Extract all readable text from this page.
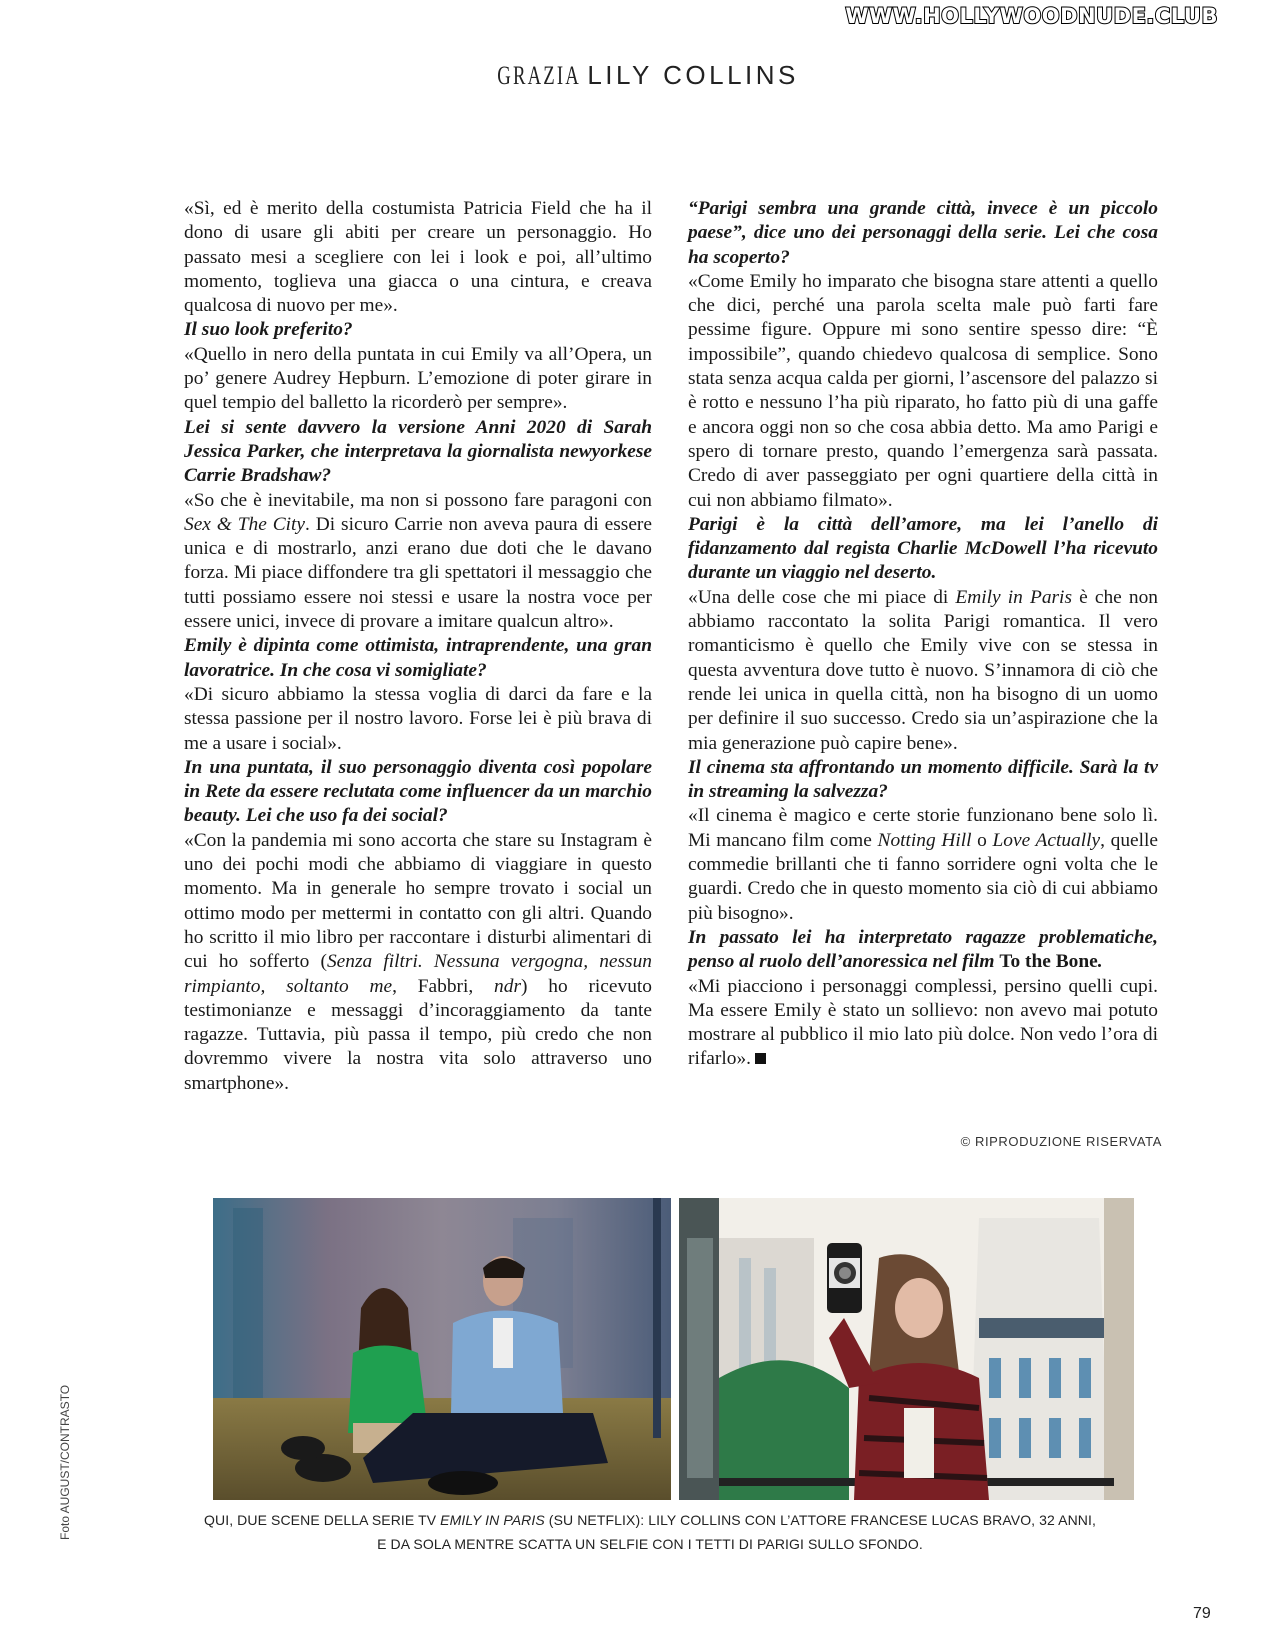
WWW.HOLLYWOODNUDE.CLUB
GRAZIA LILY COLLINS

«Sì, ed è merito della costumista Patricia Field che ha il dono di usare gli abiti per creare un personaggio. Ho passato mesi a scegliere con lei i look e poi, all’ultimo momento, toglieva una giacca o una cintura, e creava qualcosa di nuovo per me».

Il suo look preferito?

«Quello in nero della puntata in cui Emily va all’Opera, un po’ genere Audrey Hepburn. L’emozione di poter girare in quel tempio del balletto la ricorderò per sempre».

Lei si sente davvero la versione Anni 2020 di Sarah Jessica Parker, che interpretava la giornalista newyorkese Carrie Bradshaw?

«So che è inevitabile, ma non si possono fare paragoni con Sex & The City. Di sicuro Carrie non aveva paura di essere unica e di mostrarlo, anzi erano due doti che le davano forza. Mi piace diffondere tra gli spettatori il messaggio che tutti possiamo essere noi stessi e usare la nostra voce per essere unici, invece di provare a imitare qualcun altro».

Emily è dipinta come ottimista, intraprendente, una gran lavoratrice. In che cosa vi somigliate?

«Di sicuro abbiamo la stessa voglia di darci da fare e la stessa passione per il nostro lavoro. Forse lei è più brava di me a usare i social».

In una puntata, il suo personaggio diventa così popolare in Rete da essere reclutata come influencer da un marchio beauty. Lei che uso fa dei social?

«Con la pandemia mi sono accorta che stare su Instagram è uno dei pochi modi che abbiamo di viaggiare in questo momento. Ma in generale ho sempre trovato i social un ottimo modo per mettermi in contatto con gli altri. Quando ho scritto il mio libro per raccontare i disturbi alimentari di cui ho sofferto (Senza filtri. Nessuna vergogna, nessun rimpianto, soltanto me, Fabbri, ndr) ho ricevuto testimonianze e messaggi d’incoraggiamento da tante ragazze. Tuttavia, più passa il tempo, più credo che non dovremmo vivere la nostra vita solo attraverso uno smartphone».

“Parigi sembra una grande città, invece è un piccolo paese”, dice uno dei personaggi della serie. Lei che cosa ha scoperto?

«Come Emily ho imparato che bisogna stare attenti a quello che dici, perché una parola scelta male può farti fare pessime figure. Oppure mi sono sentire spesso dire: “È impossibile”, quando chiedevo qualcosa di semplice. Sono stata senza acqua calda per giorni, l’ascensore del palazzo si è rotto e nessuno l’ha più riparato, ho fatto più di una gaffe e ancora oggi non so che cosa abbia detto. Ma amo Parigi e spero di tornare presto, quando l’emergenza sarà passata. Credo di aver passeggiato per ogni quartiere della città in cui non abbiamo filmato».

Parigi è la città dell’amore, ma lei l’anello di fidanzamento dal regista Charlie McDowell l’ha ricevuto durante un viaggio nel deserto.

«Una delle cose che mi piace di Emily in Paris è che non abbiamo raccontato la solita Parigi romantica. Il vero romanticismo è quello che Emily vive con se stessa in questa avventura dove tutto è nuovo. S’innamora di ciò che rende lei unica in quella città, non ha bisogno di un uomo per definire il suo successo. Credo sia un’aspirazione che la mia generazione può capire bene».

Il cinema sta affrontando un momento difficile. Sarà la tv in streaming la salvezza?

«Il cinema è magico e certe storie funzionano bene solo lì. Mi mancano film come Notting Hill o Love Actually, quelle commedie brillanti che ti fanno sorridere ogni volta che le guardi. Credo che in questo momento sia ciò di cui abbiamo più bisogno».

In passato lei ha interpretato ragazze problematiche, penso al ruolo dell’anoressica nel film To the Bone.

«Mi piacciono i personaggi complessi, persino quelli cupi. Ma essere Emily è stato un sollievo: non avevo mai potuto mostrare al pubblico il mio lato più dolce. Non vedo l’ora di rifarlo».

© RIPRODUZIONE RISERVATA
QUI, DUE SCENE DELLA SERIE TV EMILY IN PARIS (SU NETFLIX): LILY COLLINS CON L’ATTORE FRANCESE LUCAS BRAVO, 32 ANNI,
E DA SOLA MENTRE SCATTA UN SELFIE CON I TETTI DI PARIGI SULLO SFONDO.
Foto AUGUST/CONTRASTO
79
